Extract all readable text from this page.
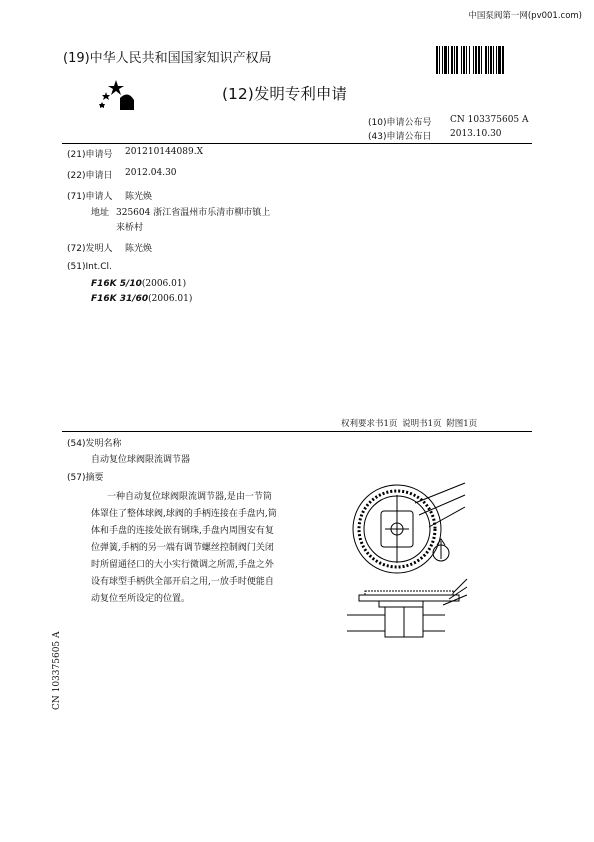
中国泵阀第一网(pv001.com)
(19)中华人民共和国国家知识产权局
(12)发明专利申请
(10)申请公布号 CN 103375605 A
(43)申请公布日 2013.10.30
(21)申请号 201210144089.X
(22)申请日 2012.04.30
(71)申请人 陈光焕
地址 325604 浙江省温州市乐清市柳市镇上
来桥村
(72)发明人 陈光焕
(51)Int.Cl.
F16K 5/10(2006.01)
F16K 31/60(2006.01)
权利要求书1页 说明书1页 附图1页
(54)发明名称
自动复位球阀限流调节器
(57)摘要
一种自动复位球阀限流调节器,是由一节筒
体罩住了整体球阀,球阀的手柄连接在手盘内,筒
体和手盘的连接处嵌有钢珠,手盘内周围安有复
位弹簧,手柄的另一端有调节螺丝控制阀门关闭
时所留通径口的大小实行微调之所需,手盘之外
设有球型手柄供全部开启之用,一放手时便能自
动复位至所设定的位置。
CN 103375605 A
